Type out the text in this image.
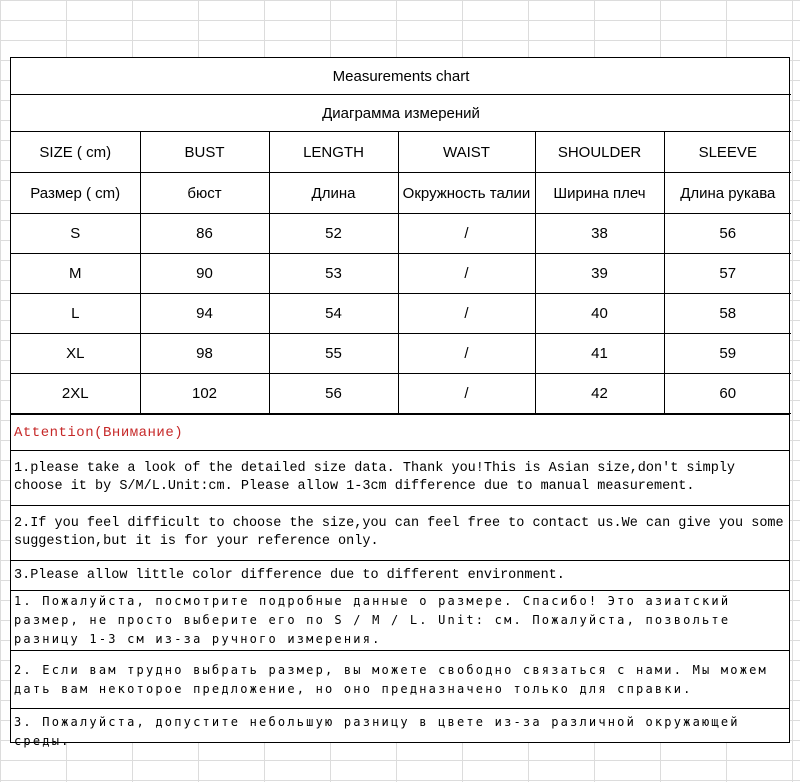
Measurements chart					
Диаграмма измерений					
SIZE ( cm)	BUST	LENGTH	WAIST	SHOULDER	SLEEVE
Размер ( cm)	бюст	Длина	Окружность талии	Ширина плеч	Длина рукава
S	86	52	/	38	56
M	90	53	/	39	57
L	94	54	/	40	58
XL	98	55	/	41	59
2XL	102	56	/	42	60
Attention(Внимание)
1.please take a look of the detailed size data. Thank you!This is Asian size,don't simply choose it by S/M/L.Unit:cm. Please allow 1-3cm difference due to manual measurement.
2.If you feel difficult to choose the size,you can feel free to contact us.We can give you some suggestion,but it is for your reference only.
3.Please allow little color difference due to different environment.
1. Пожалуйста, посмотрите подробные данные о размере. Спасибо! Это азиатский размер, не просто выберите его по S / M / L. Unit: см. Пожалуйста, позвольте разницу 1-3 см из-за ручного измерения.
2. Если вам трудно выбрать размер, вы можете свободно связаться с нами. Мы можем дать вам некоторое предложение, но оно предназначено только для справки.
3. Пожалуйста, допустите небольшую разницу в цвете из-за различной окружающей среды.
